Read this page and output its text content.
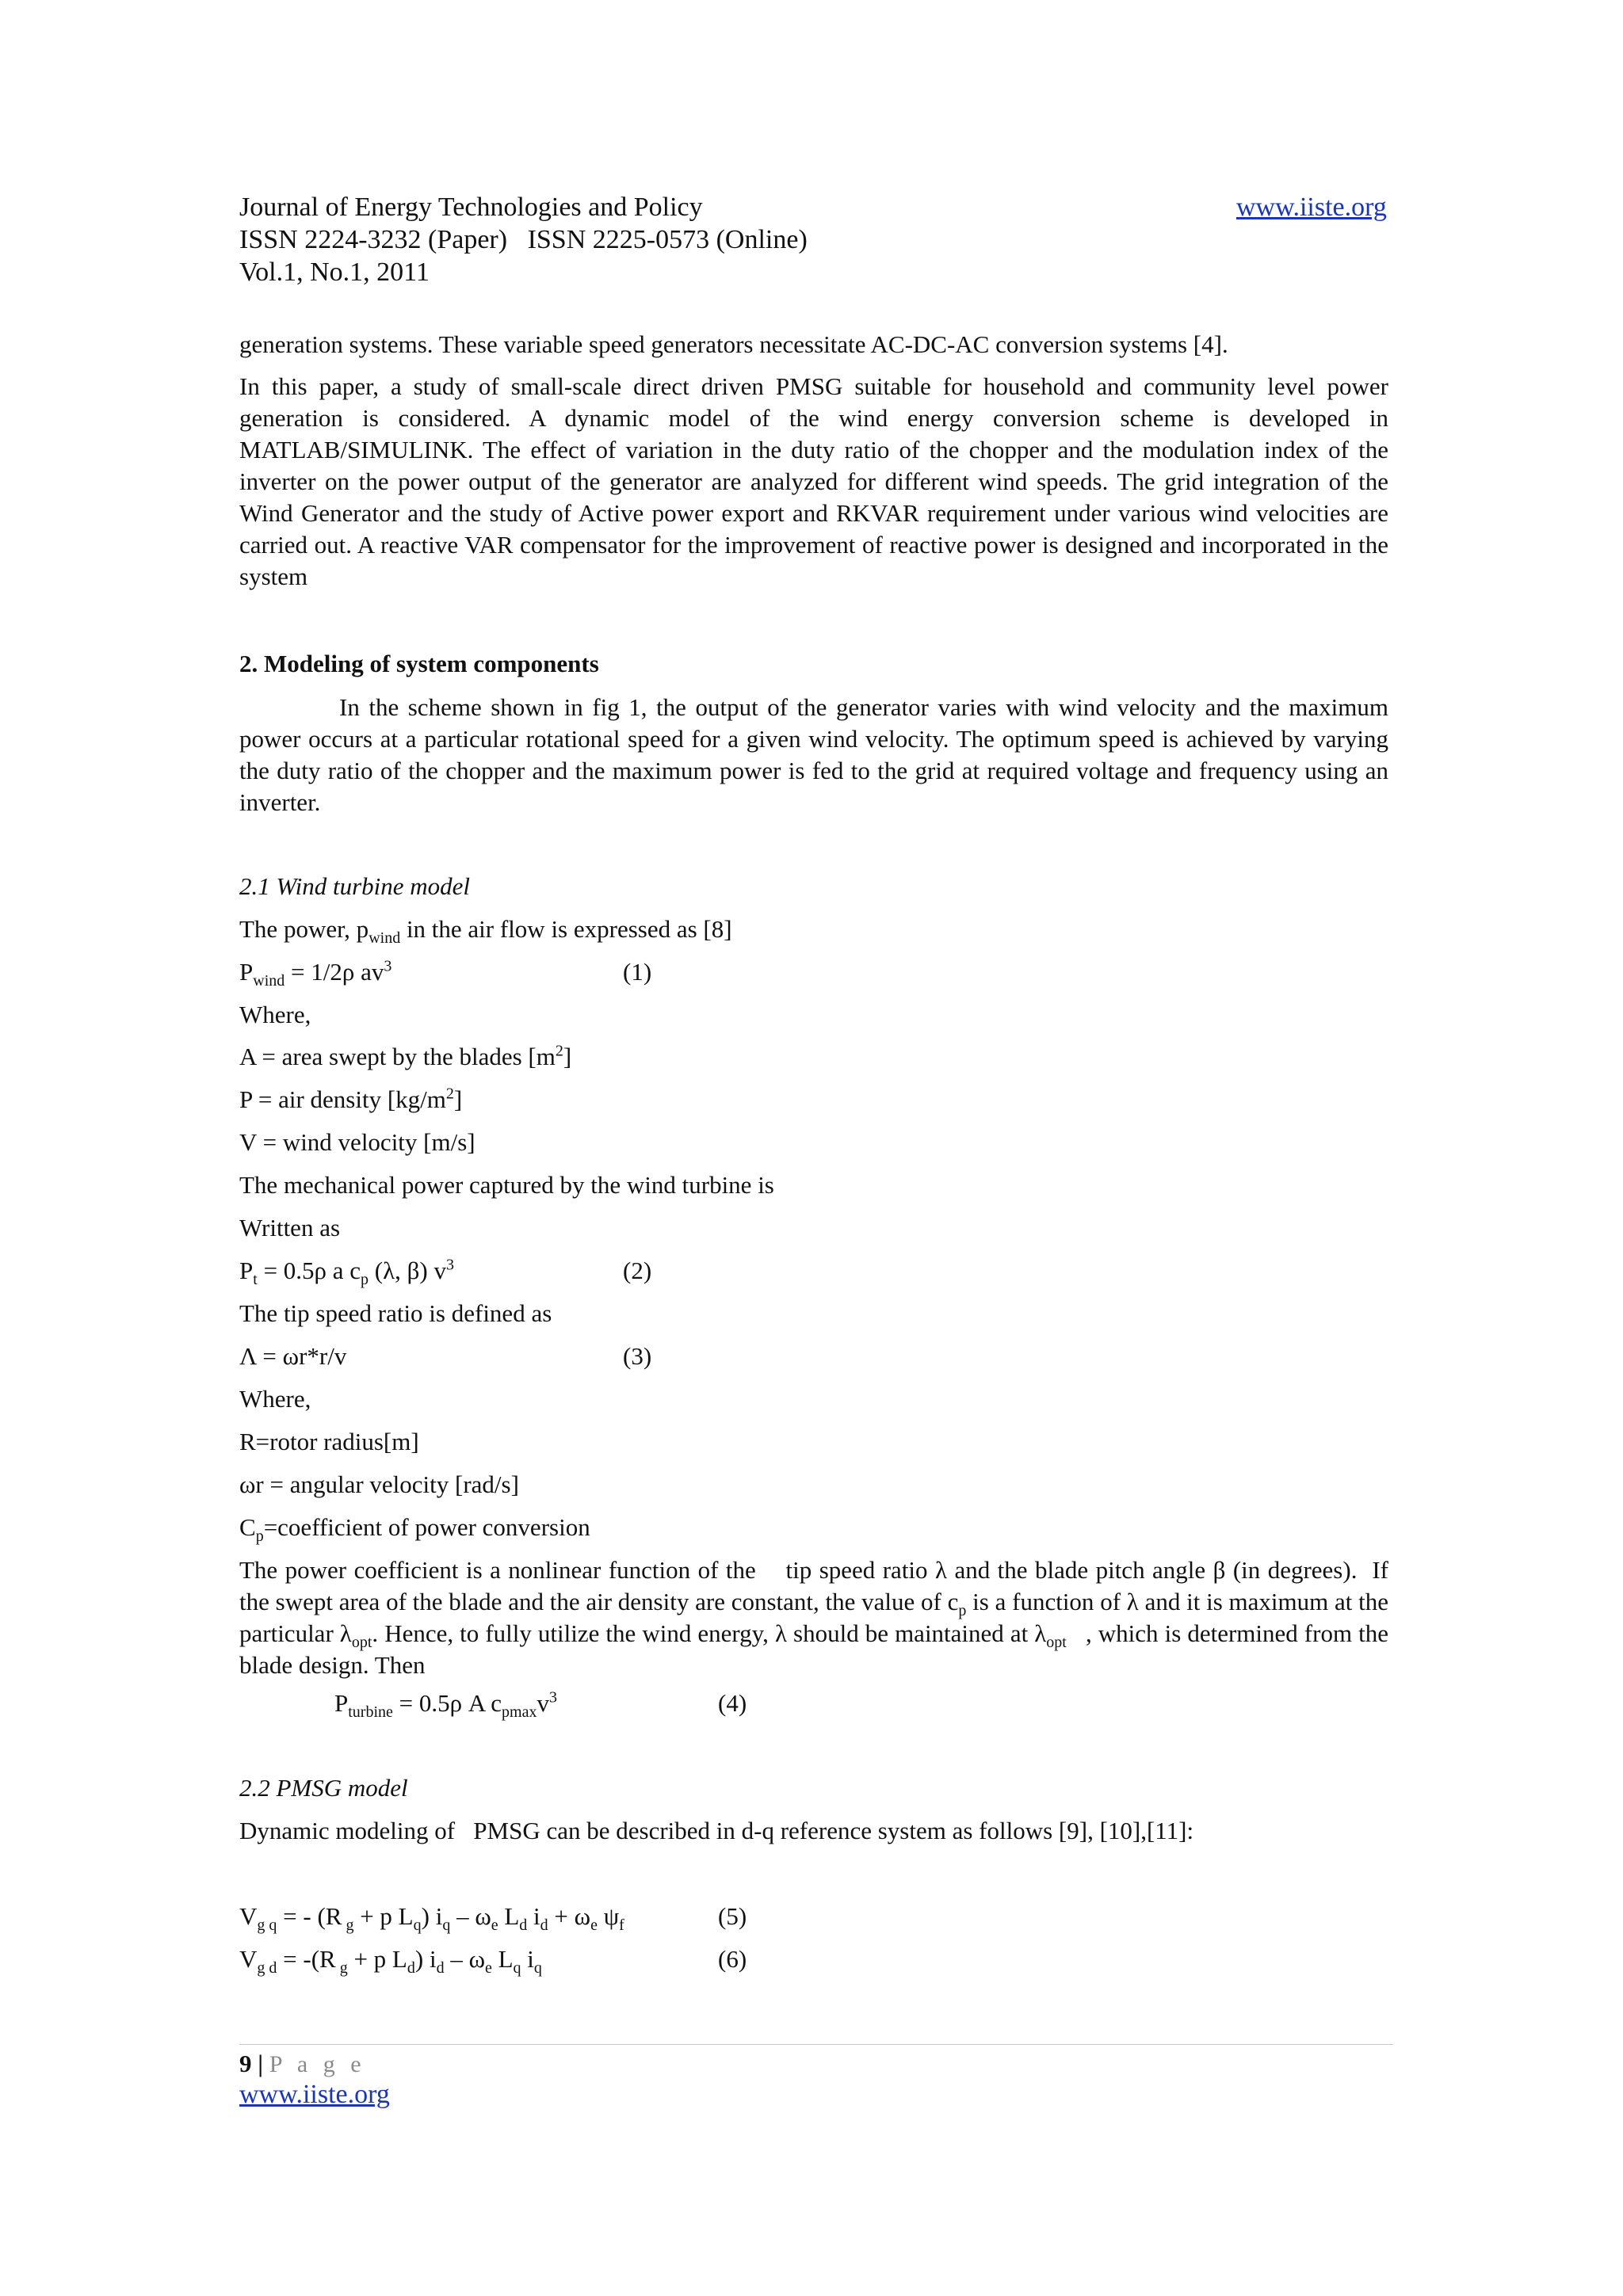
Journal of Energy Technologies and Policy	www.iiste.org
ISSN 2224-3232 (Paper)   ISSN 2225-0573 (Online)
Vol.1, No.1, 2011
generation systems. These variable speed generators necessitate AC-DC-AC conversion systems [4].
In this paper, a study of small-scale direct driven PMSG suitable for household and community level power generation is considered. A dynamic model of the wind energy conversion scheme is developed in MATLAB/SIMULINK. The effect of variation in the duty ratio of the chopper and the modulation index of the inverter on the power output of the generator are analyzed for different wind speeds. The grid integration of the Wind Generator and the study of Active power export and RKVAR requirement under various wind velocities are carried out. A reactive VAR compensator for the improvement of reactive power is designed and incorporated in the system
2. Modeling of system components
In the scheme shown in fig 1, the output of the generator varies with wind velocity and the maximum power occurs at a particular rotational speed for a given wind velocity. The optimum speed is achieved by varying the duty ratio of the chopper and the maximum power is fed to the grid at required voltage and frequency using an inverter.
2.1 Wind turbine model
The power, $p_{wind}$ in the air flow is expressed as [8]
$P_{wind} = 1/2\rho$ $av^3$	(1)
Where,
A = area swept by the blades $[m^2]$
P = air density $[kg/m^2]$
V = wind velocity [m/s]
The mechanical power captured by the wind turbine is
Written as
$P_t = 0.5\rho$ a $c_p$ (λ, β) $v^3$	(2)
The tip speed ratio is defined as
Λ = ωr*r/v	(3)
Where,
R=rotor radius[m]
ωr = angular velocity [rad/s]
$C_p=coefficient$ of power conversion
The power coefficient is a nonlinear function of the    tip speed ratio λ and the blade pitch angle β (in degrees).  If the swept area of the blade and the air density are constant, the value of $c_p$ is a function of λ and it is maximum at the particular $\lambda_{opt}$. Hence, to fully utilize the wind energy, λ should be maintained at $\lambda_{opt}$   , which is determined from the blade design. Then
$P_{turbine} = 0.5\rho$ A $c_{pmax}v^3$	(4)
2.2 PMSG model
Dynamic modeling of   PMSG can be described in d-q reference system as follows [9], [10],[11]:
$V_{g q}$ = - (R $_g$ + p $L_q$) $i_q - \omega_e$ $L_d$ $i_d + \omega_e$ $\psi_f$	(5)
$V_{g d} = -(R$ $_g$ + p $L_d$) $i_d - \omega_e$ $L_q$ $i_q$	(6)
9 | P a g e
www.iiste.org
